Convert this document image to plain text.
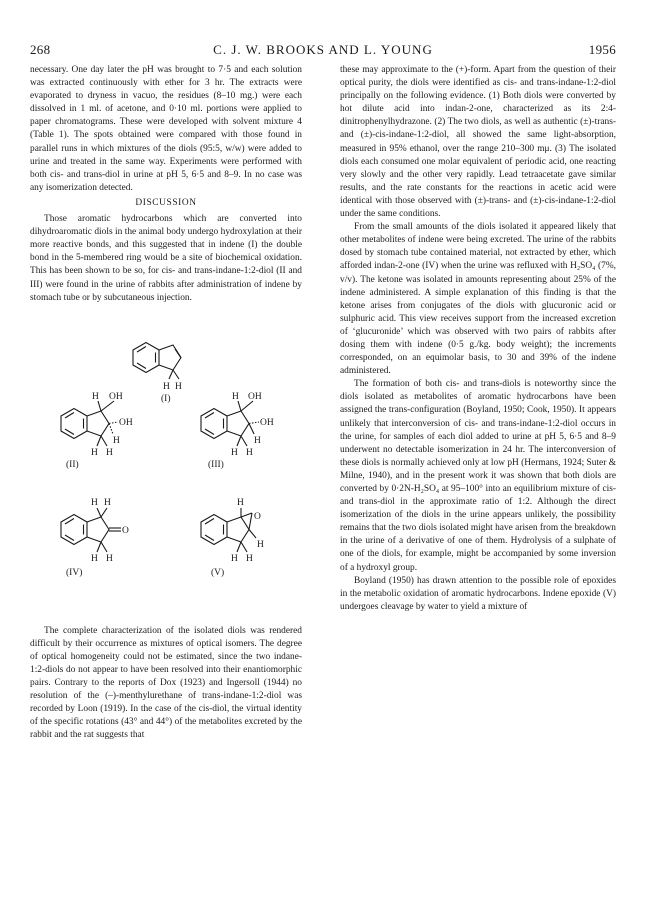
268	C. J. W. BROOKS AND L. YOUNG	1956

necessary. One day later the pH was brought to 7·5 and each solution was extracted continuously with ether for 3 hr. The extracts were evaporated to dryness in vacuo, the residues (8–10 mg.) were each dissolved in 1 ml. of acetone, and 0·10 ml. portions were applied to paper chromatograms. These were developed with solvent mixture 4 (Table 1). The spots obtained were compared with those found in parallel runs in which mixtures of the diols (95:5, w/w) were added to urine and treated in the same way. Experiments were performed with both cis- and trans-diol in urine at pH 5, 6·5 and 8–9. In no case was any isomerization detected.

DISCUSSION

Those aromatic hydrocarbons which are converted into dihydroaromatic diols in the animal body undergo hydroxylation at their more reactive bonds, and this suggested that in indene (I) the double bond in the 5-membered ring would be a site of biochemical oxidation. This has been shown to be so, for cis- and trans-indane-1:2-diol (II and III) were found in the urine of rabbits after administration of indene by stomach tube or by subcutaneous injection.

H H
(I)
H OH
OH
H
H H
(II)
H OH
OH
H
H H
(III)
H H
O
H H
(IV)
H
O
H
H H
(V)

The complete characterization of the isolated diols was rendered difficult by their occurrence as mixtures of optical isomers. The degree of optical homogeneity could not be estimated, since the two indane-1:2-diols do not appear to have been resolved into their enantiomorphic pairs. Contrary to the reports of Dox (1923) and Ingersoll (1944) no resolution of the (–)-menthylurethane of trans-indane-1:2-diol was recorded by Loon (1919). In the case of the cis-diol, the virtual identity of the specific rotations (43° and 44°) of the metabolites excreted by the rabbit and the rat suggests that

these may approximate to the (+)-form. Apart from the question of their optical purity, the diols were identified as cis- and trans-indane-1:2-diol principally on the following evidence. (1) Both diols were converted by hot dilute acid into indan-2-one, characterized as its 2:4-dinitrophenylhydrazone. (2) The two diols, as well as authentic (±)-trans- and (±)-cis-indane-1:2-diol, all showed the same light-absorption, measured in 95% ethanol, over the range 210–300 mμ. (3) The isolated diols each consumed one molar equivalent of periodic acid, one reacting very slowly and the other very rapidly. Lead tetraacetate gave similar results, and the rate constants for the reactions in acetic acid were identical with those observed with (±)-trans- and (±)-cis-indane-1:2-diol under the same conditions.

From the small amounts of the diols isolated it appeared likely that other metabolites of indene were being excreted. The urine of the rabbits dosed by stomach tube contained material, not extracted by ether, which afforded indan-2-one (IV) when the urine was refluxed with H₂SO₄ (7%, v/v). The ketone was isolated in amounts representing about 25% of the indene administered. A simple explanation of this finding is that the ketone arises from conjugates of the diols with glucuronic acid or sulphuric acid. This view receives support from the increased excretion of ‘glucuronide’ which was observed with two pairs of rabbits after dosing them with indene (0·5 g./kg. body weight); the increments corresponded, on an equimolar basis, to 30 and 39% of the indene administered.

The formation of both cis- and trans-diols is noteworthy since the diols isolated as metabolites of aromatic hydrocarbons have been assigned the trans-configuration (Boyland, 1950; Cook, 1950). It appears unlikely that interconversion of cis- and trans-indane-1:2-diol occurs in the urine, for samples of each diol added to urine at pH 5, 6·5 and 8–9 underwent no detectable isomerization in 24 hr. The interconversion of these diols is normally achieved only at low pH (Hermans, 1924; Suter & Milne, 1940), and in the present work it was shown that both diols are converted by 0·2N-H₂SO₄ at 95–100° into an equilibrium mixture of cis- and trans-diol in the approximate ratio of 1:2. Although the direct isomerization of the diols in the urine appears unlikely, the possibility remains that the two diols isolated might have arisen from the breakdown in the urine of a derivative of one of them. Hydrolysis of a sulphate of one of the diols, for example, might be accompanied by some inversion of a hydroxyl group.

Boyland (1950) has drawn attention to the possible role of epoxides in the metabolic oxidation of aromatic hydrocarbons. Indene epoxide (V) undergoes cleavage by water to yield a mixture of
